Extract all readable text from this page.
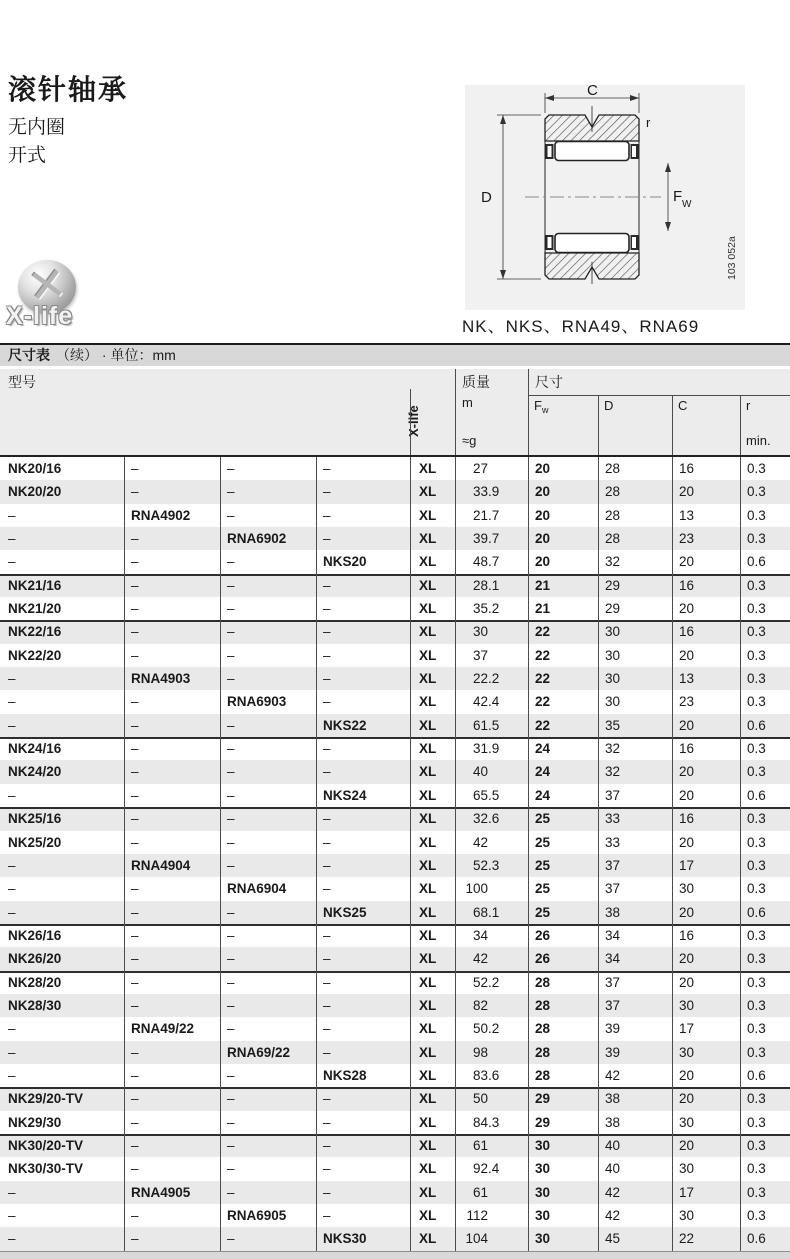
滚针轴承
无内圈
开式
✕
X-life
C
r
D	F W
103 052a
NK、NKS、RNA49、RNA69
尺寸表 （续） · 单位：mm
型号
X-life
质量
m
≈g
尺寸
$F_w$	D	C	r
min.
NK20/16	–	–	–	XL	27	20	28	16	0.3
NK20/20	–	–	–	XL	33.9	20	28	20	0.3
–	RNA4902	–	–	XL	21.7	20	28	13	0.3
–	–	RNA6902	–	XL	39.7	20	28	23	0.3
–	–	–	NKS20	XL	48.7	20	32	20	0.6
NK21/16	–	–	–	XL	28.1	21	29	16	0.3
NK21/20	–	–	–	XL	35.2	21	29	20	0.3
NK22/16	–	–	–	XL	30	22	30	16	0.3
NK22/20	–	–	–	XL	37	22	30	20	0.3
–	RNA4903	–	–	XL	22.2	22	30	13	0.3
–	–	RNA6903	–	XL	42.4	22	30	23	0.3
–	–	–	NKS22	XL	61.5	22	35	20	0.6
NK24/16	–	–	–	XL	31.9	24	32	16	0.3
NK24/20	–	–	–	XL	40	24	32	20	0.3
–	–	–	NKS24	XL	65.5	24	37	20	0.6
NK25/16	–	–	–	XL	32.6	25	33	16	0.3
NK25/20	–	–	–	XL	42	25	33	20	0.3
–	RNA4904	–	–	XL	52.3	25	37	17	0.3
–	–	RNA6904	–	XL	100	25	37	30	0.3
–	–	–	NKS25	XL	68.1	25	38	20	0.6
NK26/16	–	–	–	XL	34	26	34	16	0.3
NK26/20	–	–	–	XL	42	26	34	20	0.3
NK28/20	–	–	–	XL	52.2	28	37	20	0.3
NK28/30	–	–	–	XL	82	28	37	30	0.3
–	RNA49/22	–	–	XL	50.2	28	39	17	0.3
–	–	RNA69/22	–	XL	98	28	39	30	0.3
–	–	–	NKS28	XL	83.6	28	42	20	0.6
NK29/20-TV	–	–	–	XL	50	29	38	20	0.3
NK29/30	–	–	–	XL	84.3	29	38	30	0.3
NK30/20-TV	–	–	–	XL	61	30	40	20	0.3
NK30/30-TV	–	–	–	XL	92.4	30	40	30	0.3
–	RNA4905	–	–	XL	61	30	42	17	0.3
–	–	RNA6905	–	XL	112	30	42	30	0.3
–	–	–	NKS30	XL	104	30	45	22	0.6
